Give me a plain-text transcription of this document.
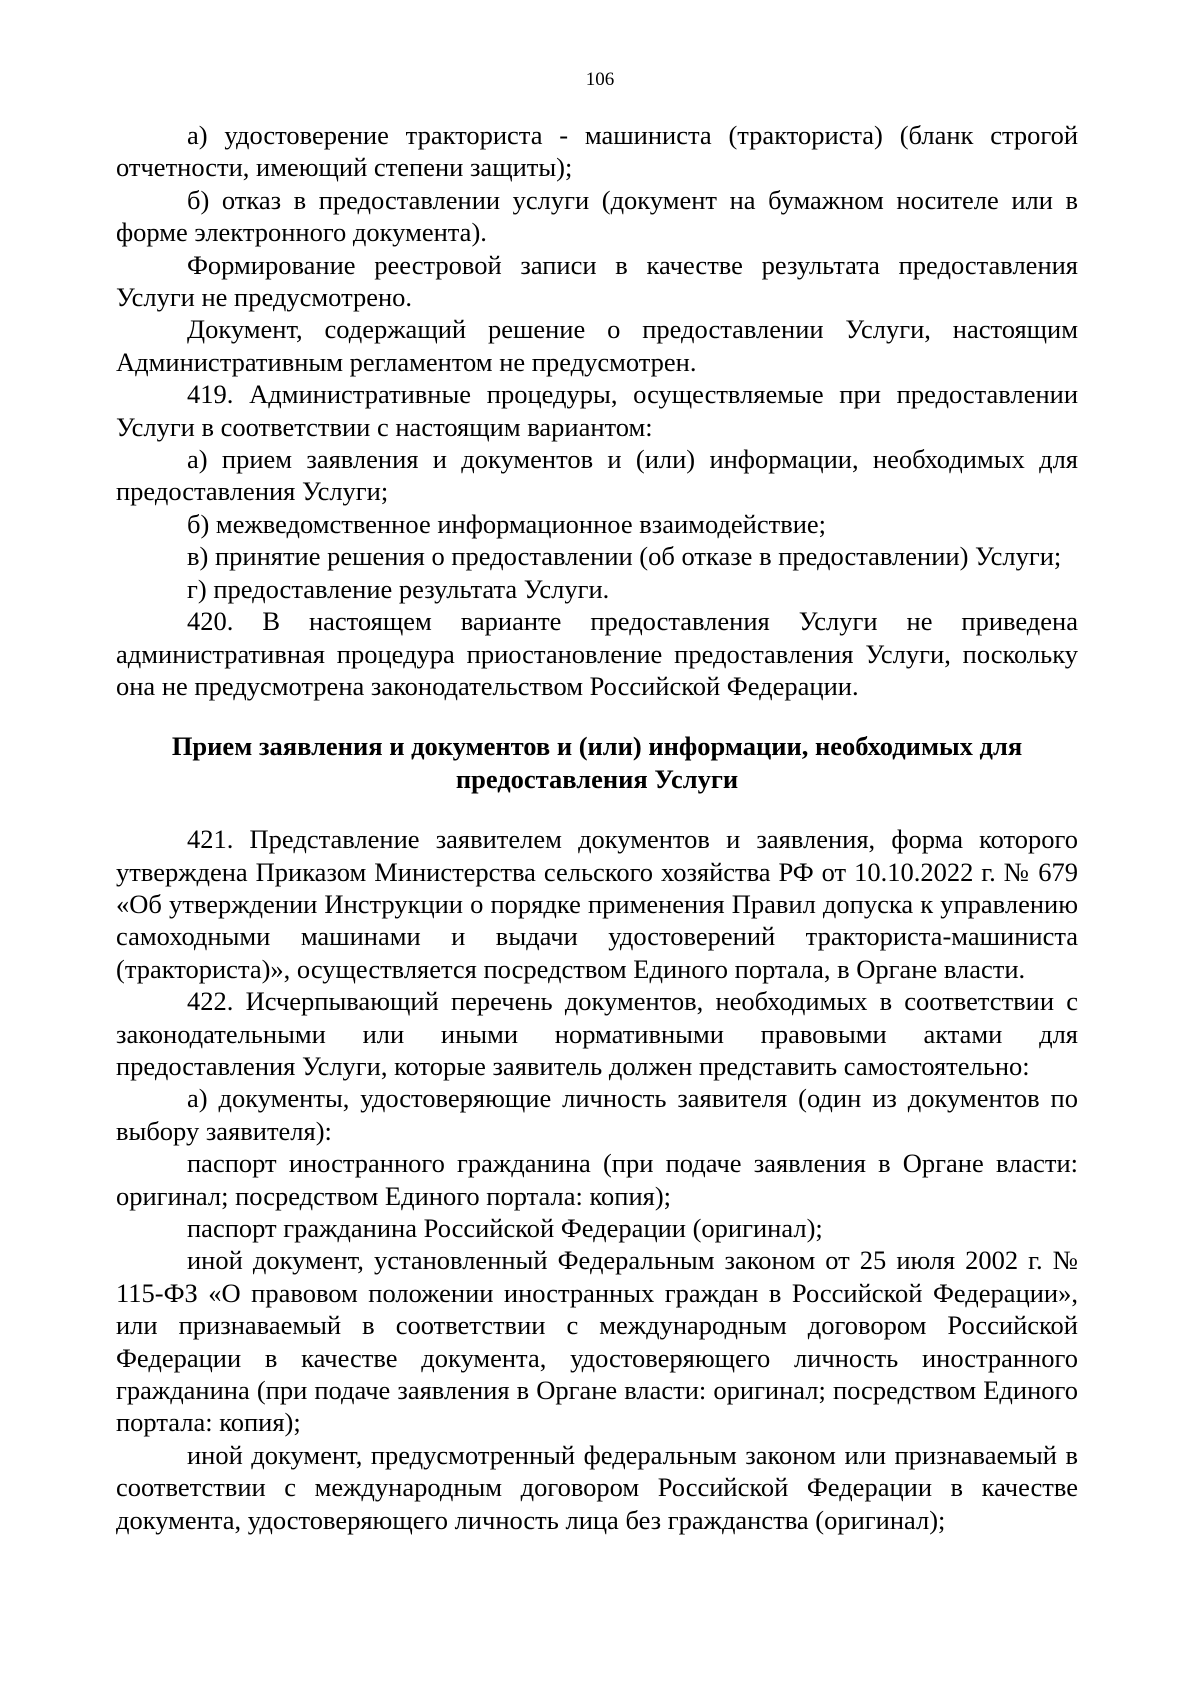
106

а) удостоверение тракториста - машиниста (тракториста) (бланк строгой отчетности, имеющий степени защиты);

б) отказ в предоставлении услуги (документ на бумажном носителе или в форме электронного документа).

Формирование реестровой записи в качестве результата предоставления Услуги не предусмотрено.

Документ, содержащий решение о предоставлении Услуги, настоящим Административным регламентом не предусмотрен.

419. Административные процедуры, осуществляемые при предоставлении Услуги в соответствии с настоящим вариантом:

а) прием заявления и документов и (или) информации, необходимых для предоставления Услуги;

б) межведомственное информационное взаимодействие;

в) принятие решения о предоставлении (об отказе в предоставлении) Услуги;

г) предоставление результата Услуги.

420. В настоящем варианте предоставления Услуги не приведена административная процедура приостановление предоставления Услуги, поскольку она не предусмотрена законодательством Российской Федерации.

Прием заявления и документов и (или) информации, необходимых для предоставления Услуги

421. Представление заявителем документов и заявления, форма которого утверждена Приказом Министерства сельского хозяйства РФ от 10.10.2022 г. № 679 «Об утверждении Инструкции о порядке применения Правил допуска к управлению самоходными машинами и выдачи удостоверений тракториста-машиниста (тракториста)», осуществляется посредством Единого портала, в Органе власти.

422. Исчерпывающий перечень документов, необходимых в соответствии с законодательными или иными нормативными правовыми актами для предоставления Услуги, которые заявитель должен представить самостоятельно:

а) документы, удостоверяющие личность заявителя (один из документов по выбору заявителя):

паспорт иностранного гражданина (при подаче заявления в Органе власти: оригинал; посредством Единого портала: копия);

паспорт гражданина Российской Федерации (оригинал);

иной документ, установленный Федеральным законом от 25 июля 2002 г. № 115-ФЗ «О правовом положении иностранных граждан в Российской Федерации», или признаваемый в соответствии с международным договором Российской Федерации в качестве документа, удостоверяющего личность иностранного гражданина (при подаче заявления в Органе власти: оригинал; посредством Единого портала: копия);

иной документ, предусмотренный федеральным законом или признаваемый в соответствии с международным договором Российской Федерации в качестве документа, удостоверяющего личность лица без гражданства (оригинал);
